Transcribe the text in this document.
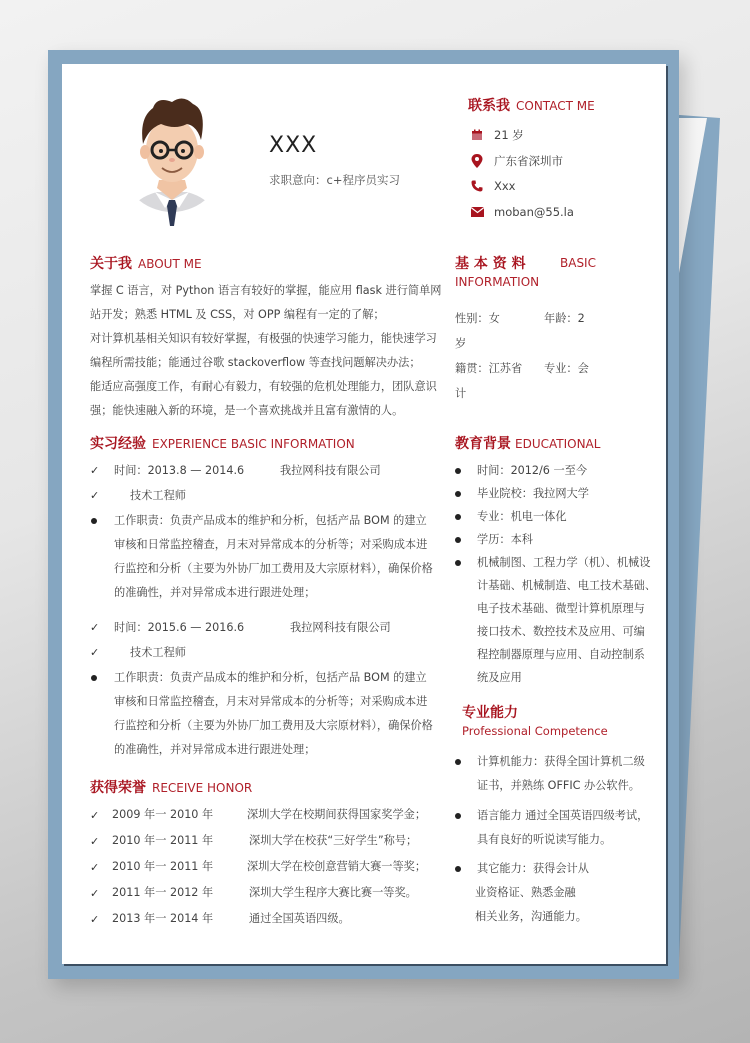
XXX
求职意向：c+程序员实习
联系我 CONTACT ME
21 岁
广东省深圳市
Xxx
moban@55.la
关于我 ABOUT ME
掌握 C 语言，对 Python 语言有较好的掌握，能应用 flask 进行简单网
站开发；熟悉 HTML 及 CSS，对 OPP 编程有一定的了解；
对计算机基相关知识有较好掌握，有极强的快速学习能力，能快速学习
编程所需技能；能通过谷歌 stackoverflow 等查找问题解决办法；
能适应高强度工作，有耐心有毅力，有较强的危机处理能力，团队意识
强；能快速融入新的环境，是一个喜欢挑战并且富有激情的人。
基 本 资 料	BASIC
INFORMATION
性别：女	年龄：2
岁
籍贯：江苏省 专业：会
计
实习经验 EXPERIENCE BASIC INFORMATION
✓ 时间：2013.8 — 2014.6	我拉网科技有限公司
✓	技术工程师
工作职责：负责产品成本的维护和分析，包括产品 BOM 的建立
审核和日常监控稽查，月末对异常成本的分析等；对采购成本进
行监控和分析（主要为外协厂加工费用及大宗原材料），确保价格
的准确性，并对异常成本进行跟进处理；
✓ 时间：2015.6 — 2016.6	我拉网科技有限公司
✓	技术工程师
工作职责：负责产品成本的维护和分析，包括产品 BOM 的建立
审核和日常监控稽查，月末对异常成本的分析等；对采购成本进
行监控和分析（主要为外协厂加工费用及大宗原材料），确保价格
的准确性，并对异常成本进行跟进处理；
获得荣誉 RECEIVE HONOR
✓ 2009 年一 2010 年	深圳大学在校期间获得国家奖学金；
✓ 2010 年一 2011 年	深圳大学在校获“三好学生”称号；
✓ 2010 年一 2011 年	深圳大学在校创意营销大赛一等奖；
✓ 2011 年一 2012 年	深圳大学生程序大赛比赛一等奖。
✓ 2013 年一 2014 年	通过全国英语四级。
教育背景 EDUCATIONAL
时间：2012/6 一至今
毕业院校：我拉网大学
专业：机电一体化
学历：本科
机械制图、工程力学（机）、机械设
计基础、机械制造、电工技术基础、
电子技术基础、微型计算机原理与
接口技术、数控技术及应用、可编
程控制器原理与应用、自动控制系
统及应用
专业能力
Professional Competence
计算机能力：获得全国计算机二级
证书，并熟练 OFFIC 办公软件。
语言能力 通过全国英语四级考试，
具有良好的听说读写能力。
其它能力：获得会计从
业资格证、熟悉金融
相关业务，沟通能力。
